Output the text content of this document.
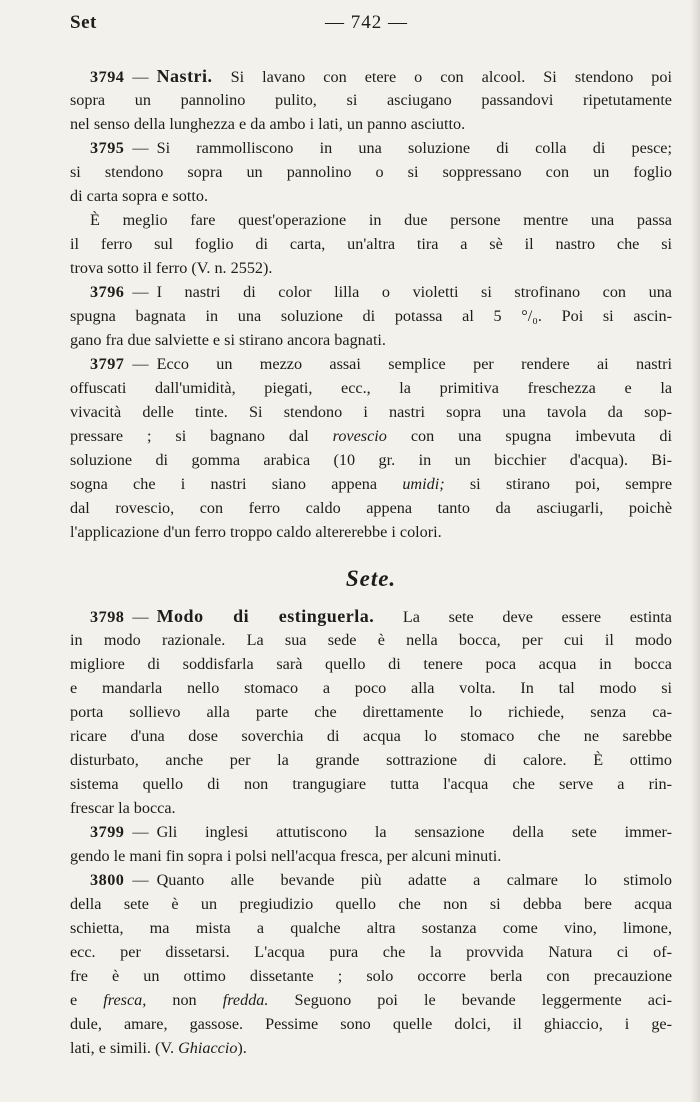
Set	— 742 —
3794 — Nastri. Si lavano con etere o con alcool. Si stendono poi
sopra un pannolino pulito, si asciugano passandovi ripetutamente
nel senso della lunghezza e da ambo i lati, un panno asciutto.
3795 — Si rammolliscono in una soluzione di colla di pesce;
si stendono sopra un pannolino o si soppressano con un foglio
di carta sopra e sotto.
È meglio fare quest'operazione in due persone mentre una passa
il ferro sul foglio di carta, un'altra tira a sè il nastro che si
trova sotto il ferro (V. n. 2552).
3796 — I nastri di color lilla o violetti si strofinano con una
spugna bagnata in una soluzione di potassa al 5 °/₀. Poi si ascin-
gano fra due salviette e si stirano ancora bagnati.
3797 — Ecco un mezzo assai semplice per rendere ai nastri
offuscati dall'umidità, piegati, ecc., la primitiva freschezza e la
vivacità delle tinte. Si stendono i nastri sopra una tavola da sop-
pressare ; si bagnano dal rovescio con una spugna imbevuta di
soluzione di gomma arabica (10 gr. in un bicchier d'acqua). Bi-
sogna che i nastri siano appena umidi; si stirano poi, sempre
dal rovescio, con ferro caldo appena tanto da asciugarli, poichè
l'applicazione d'un ferro troppo caldo altererebbe i colori.
Sete.
3798 — Modo di estinguerla. La sete deve essere estinta
in modo razionale. La sua sede è nella bocca, per cui il modo
migliore di soddisfarla sarà quello di tenere poca acqua in bocca
e mandarla nello stomaco a poco alla volta. In tal modo si
porta sollievo alla parte che direttamente lo richiede, senza ca-
ricare d'una dose soverchia di acqua lo stomaco che ne sarebbe
disturbato, anche per la grande sottrazione di calore. È ottimo
sistema quello di non trangugiare tutta l'acqua che serve a rin-
frescar la bocca.
3799 — Gli inglesi attutiscono la sensazione della sete immer-
gendo le mani fin sopra i polsi nell'acqua fresca, per alcuni minuti.
3800 — Quanto alle bevande più adatte a calmare lo stimolo
della sete è un pregiudizio quello che non si debba bere acqua
schietta, ma mista a qualche altra sostanza come vino, limone,
ecc. per dissetarsi. L'acqua pura che la provvida Natura ci of-
fre è un ottimo dissetante ; solo occorre berla con precauzione
e fresca, non fredda. Seguono poi le bevande leggermente aci-
dule, amare, gassose. Pessime sono quelle dolci, il ghiaccio, i ge-
lati, e simili. (V. Ghiaccio).
